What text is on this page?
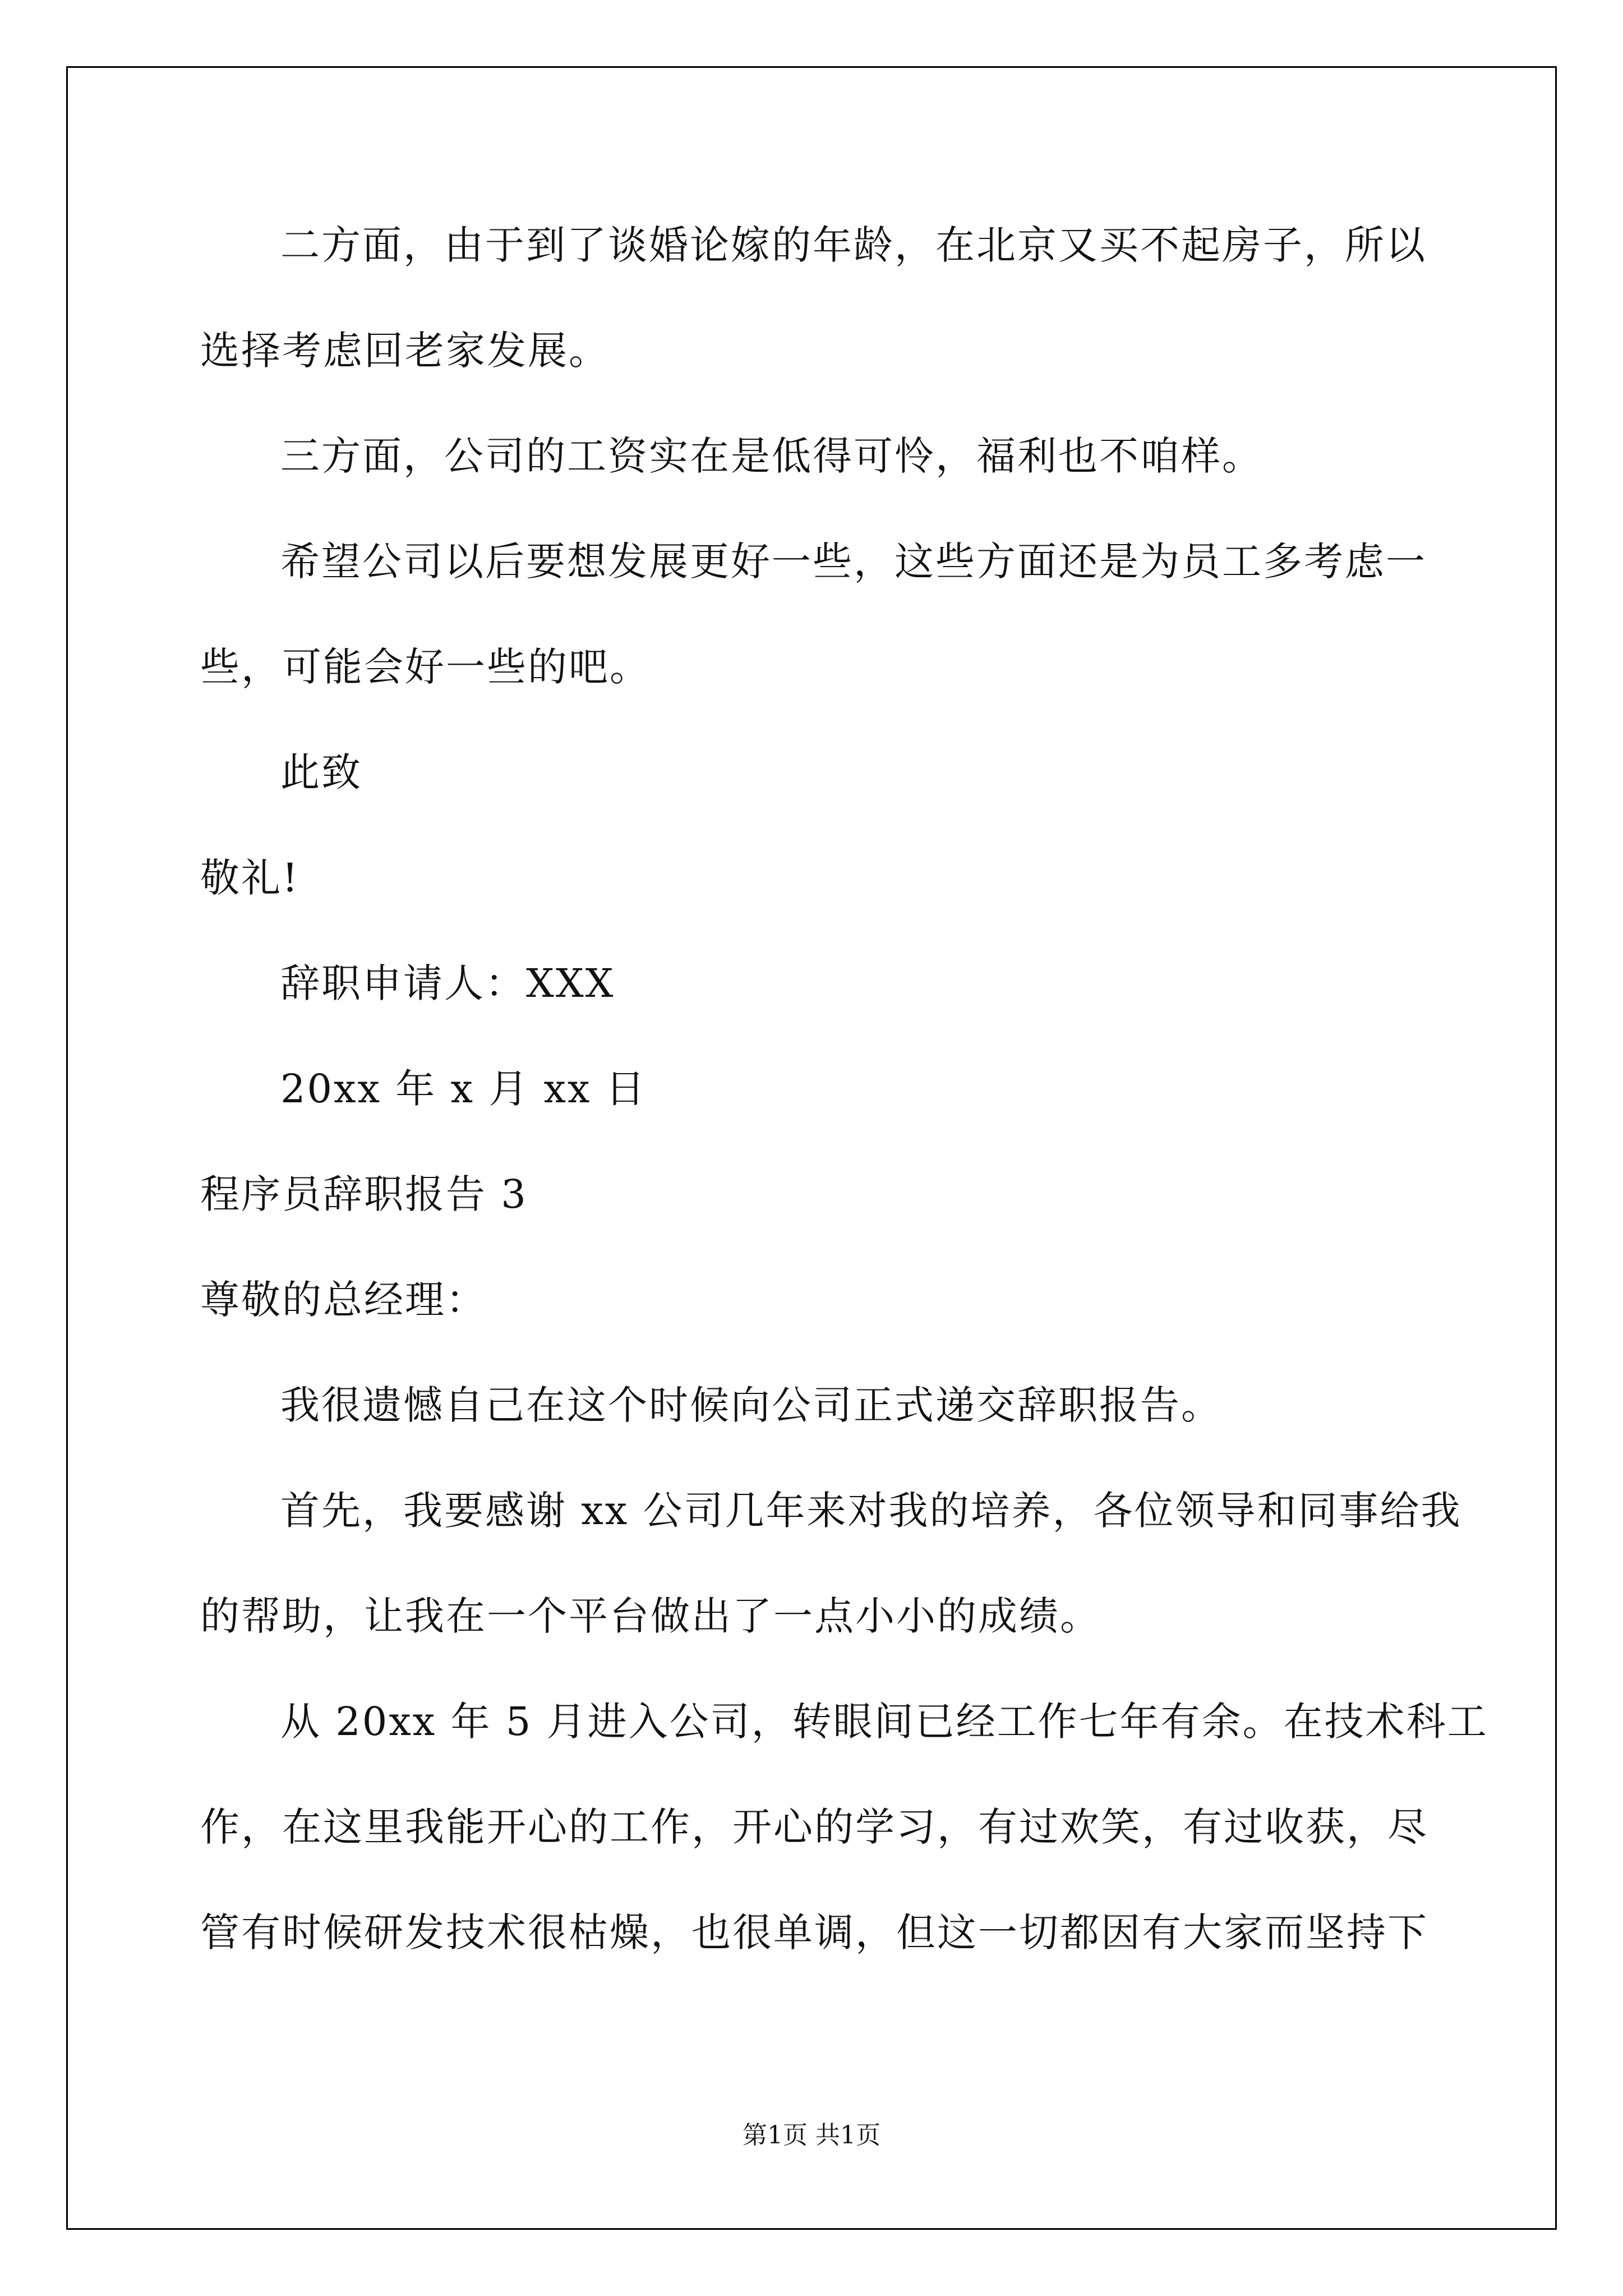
二方面，由于到了谈婚论嫁的年龄，在北京又买不起房子，所以
选择考虑回老家发展。
三方面，公司的工资实在是低得可怜，福利也不咱样。
希望公司以后要想发展更好一些，这些方面还是为员工多考虑一
些，可能会好一些的吧。
此致
敬礼!
辞职申请人：XXX
20xx 年 x 月 xx 日
程序员辞职报告 3
尊敬的总经理：
我很遗憾自己在这个时候向公司正式递交辞职报告。
首先，我要感谢 xx 公司几年来对我的培养，各位领导和同事给我
的帮助，让我在一个平台做出了一点小小的成绩。
从 20xx 年 5 月进入公司，转眼间已经工作七年有余。在技术科工
作，在这里我能开心的工作，开心的学习，有过欢笑，有过收获，尽
管有时候研发技术很枯燥，也很单调，但这一切都因有大家而坚持下
第1页 共1页
